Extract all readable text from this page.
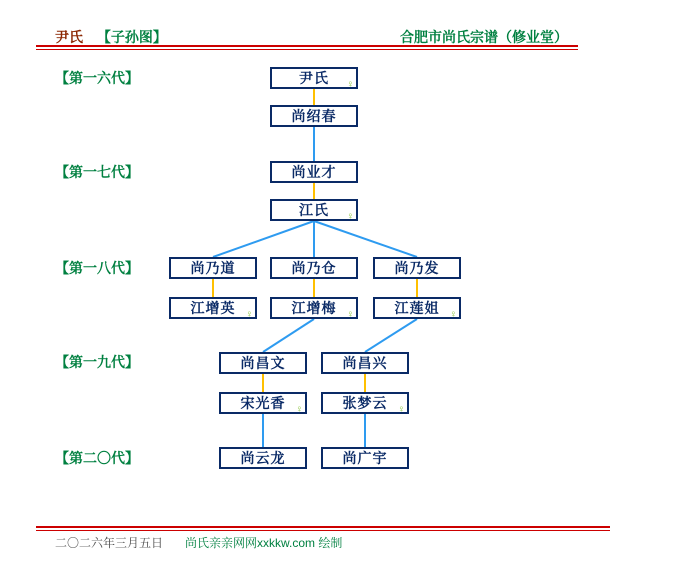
尹氏 【子孙图】	合肥市尚氏宗谱（修业堂）
【第一六代】
【第一七代】
【第一八代】
【第一九代】
【第二〇代】
尹氏 ♀
尚绍春
尚业才
江氏 ♀
尚乃道	尚乃仓	尚乃发
江增英 ♀	江增梅 ♀	江莲姐 ♀
尚昌文	尚昌兴
宋光香 ♀	张梦云 ♀
尚云龙	尚广宇
二〇二六年三月五日 尚氏亲亲网网xxkkw.com 绘制
